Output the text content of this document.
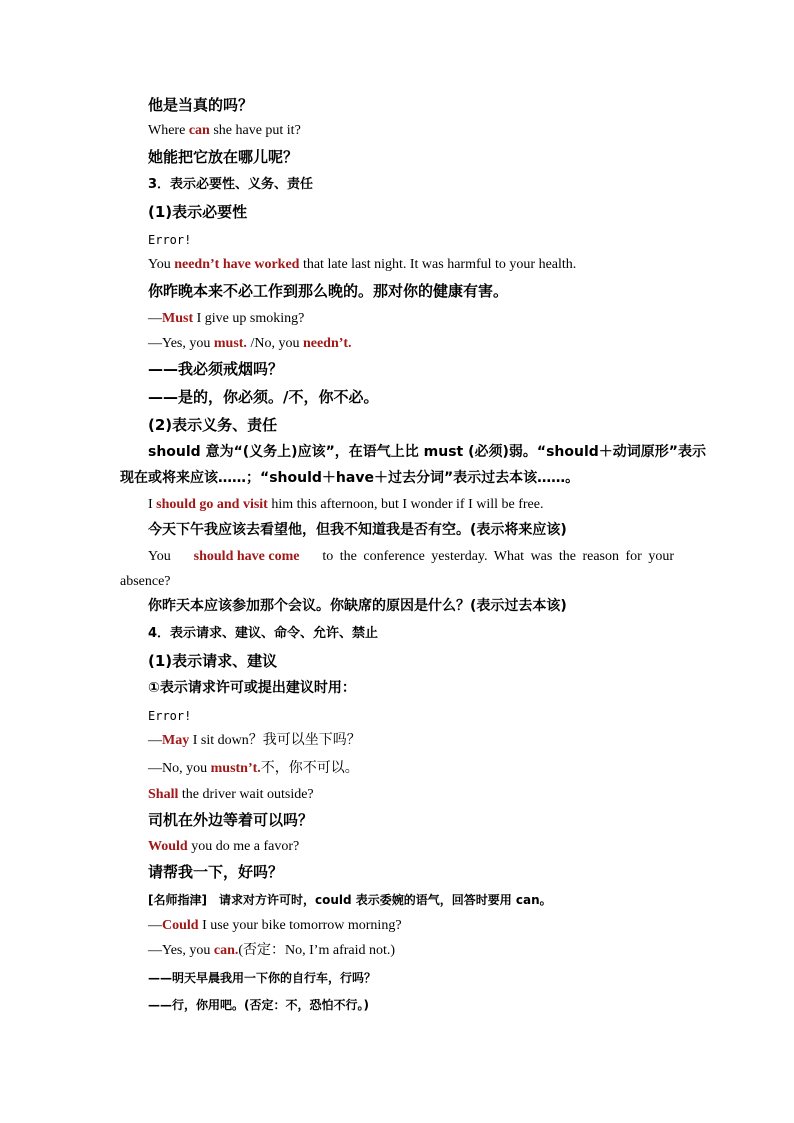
他是当真的吗？
Where can she have put it?
她能把它放在哪儿呢？
3．表示必要性、义务、责任
(1)表示必要性
Error!
You needn’t have worked that late last night. It was harmful to your health.
你昨晚本来不必工作到那么晚的。那对你的健康有害。
—Must I give up smoking?
—Yes, you must. /No, you needn’t.
——我必须戒烟吗？
——是的，你必须。/不，你不必。
(2)表示义务、责任
should 意为“(义务上)应该”，在语气上比 must (必须)弱。“should＋动词原形”表示
现在或将来应该……；“should＋have＋过去分词”表示过去本该……。
I should go and visit him this afternoon, but I wonder if I will be free.
今天下午我应该去看望他，但我不知道我是否有空。(表示将来应该)
You should have come to the conference yesterday. What was the reason for your
absence?
你昨天本应该参加那个会议。你缺席的原因是什么？(表示过去本该)
4．表示请求、建议、命令、允许、禁止
(1)表示请求、建议
①表示请求许可或提出建议时用：
Error!
—May I sit down？我可以坐下吗？
—No, you mustn’t.不，你不可以。
Shall the driver wait outside?
司机在外边等着可以吗？
Would you do me a favor?
请帮我一下，好吗？
[名师指津]　请求对方许可时，could 表示委婉的语气，回答时要用 can。
—Could I use your bike tomorrow morning?
—Yes, you can.(否定：No, I’m afraid not.)
——明天早晨我用一下你的自行车，行吗？
——行，你用吧。(否定：不，恐怕不行。)
